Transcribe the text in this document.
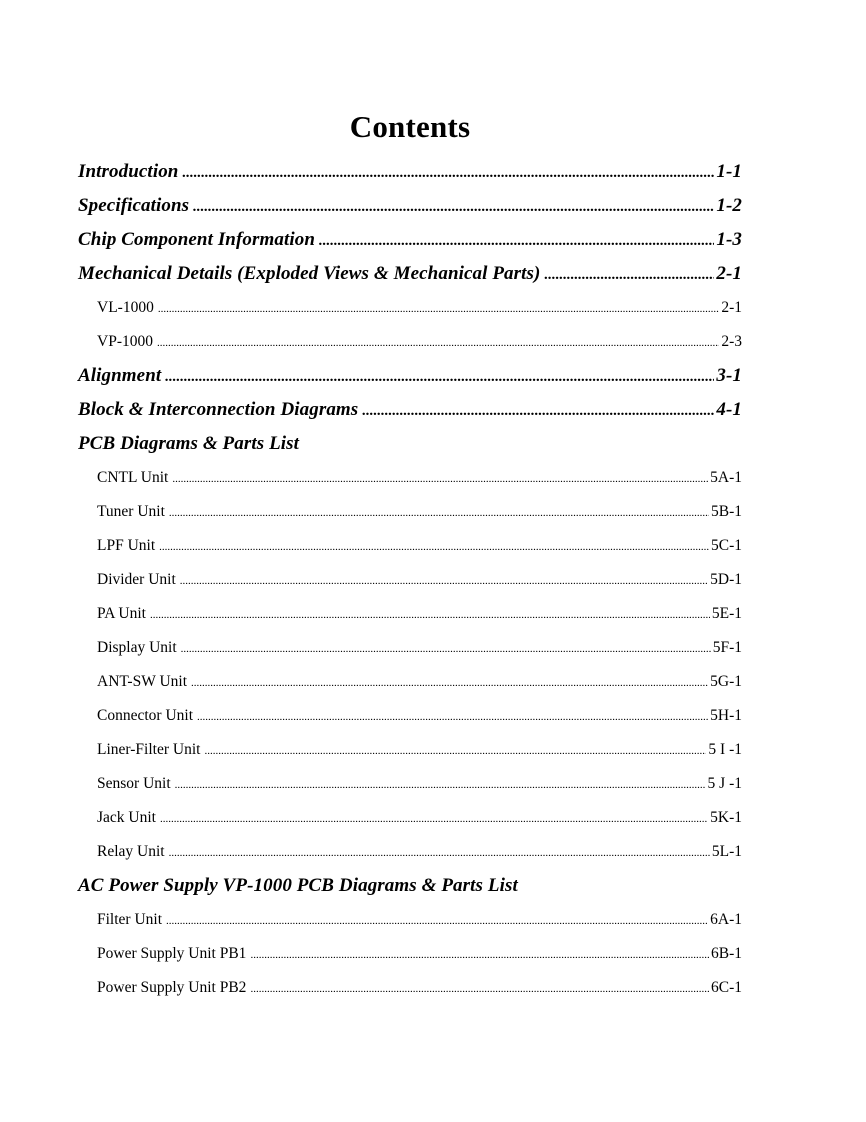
Contents
Introduction .....	1-1
Specifications .....	1-2
Chip Component Information .....	1-3
Mechanical Details (Exploded Views & Mechanical Parts) .....	2-1
VL-1000 .....	2-1
VP-1000 .....	2-3
Alignment .....	3-1
Block & Interconnection Diagrams .....	4-1
PCB Diagrams & Parts List
CNTL Unit .....	5A-1
Tuner Unit .....	5B-1
LPF Unit .....	5C-1
Divider Unit .....	5D-1
PA Unit .....	5E-1
Display Unit .....	5F-1
ANT-SW Unit .....	5G-1
Connector Unit .....	5H-1
Liner-Filter Unit .....	5 I -1
Sensor Unit .....	5 J -1
Jack Unit .....	5K-1
Relay Unit .....	5L-1
AC Power Supply VP-1000 PCB Diagrams & Parts List
Filter Unit .....	6A-1
Power Supply Unit PB1 .....	6B-1
Power Supply Unit PB2 .....	6C-1
